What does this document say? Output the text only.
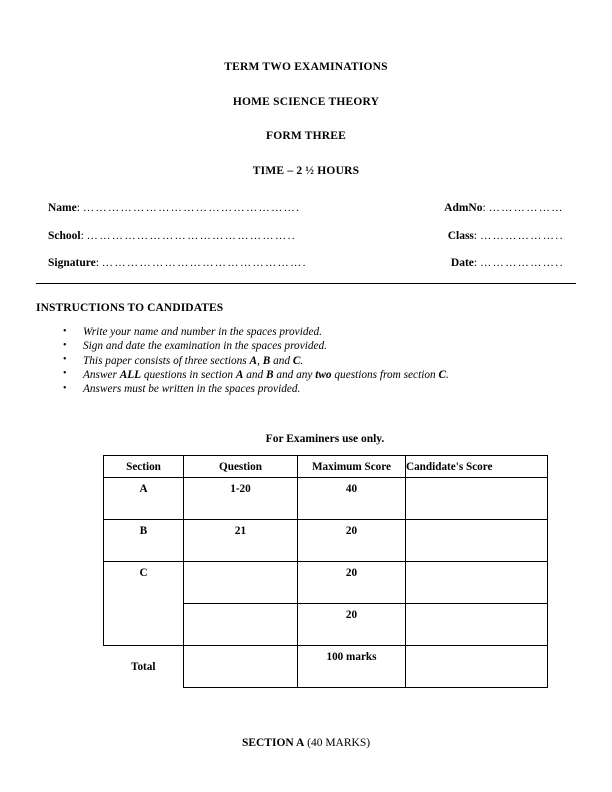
TERM TWO EXAMINATIONS
HOME SCIENCE THEORY
FORM THREE
TIME – 2 ½ HOURS
Name : …………………………………………….	AdmNo : ………………
School : …………………………………………..	Class : ………………..
Signature : ………………………………………….	Date : ………………..
INSTRUCTIONS TO CANDIDATES
• Write your name and number in the spaces provided.
• Sign and date the examination in the spaces provided.
• This paper consists of three sections A, B and C.
• Answer ALL questions in section A and B and any two questions from section C.
• Answers must be written in the spaces provided.
For Examiners use only.
Section	Question	Maximum Score	Candidate's Score
A	1-20	40	
B	21	20	
C		20	
		20	
Total		100 marks	
SECTION A (40 MARKS)
